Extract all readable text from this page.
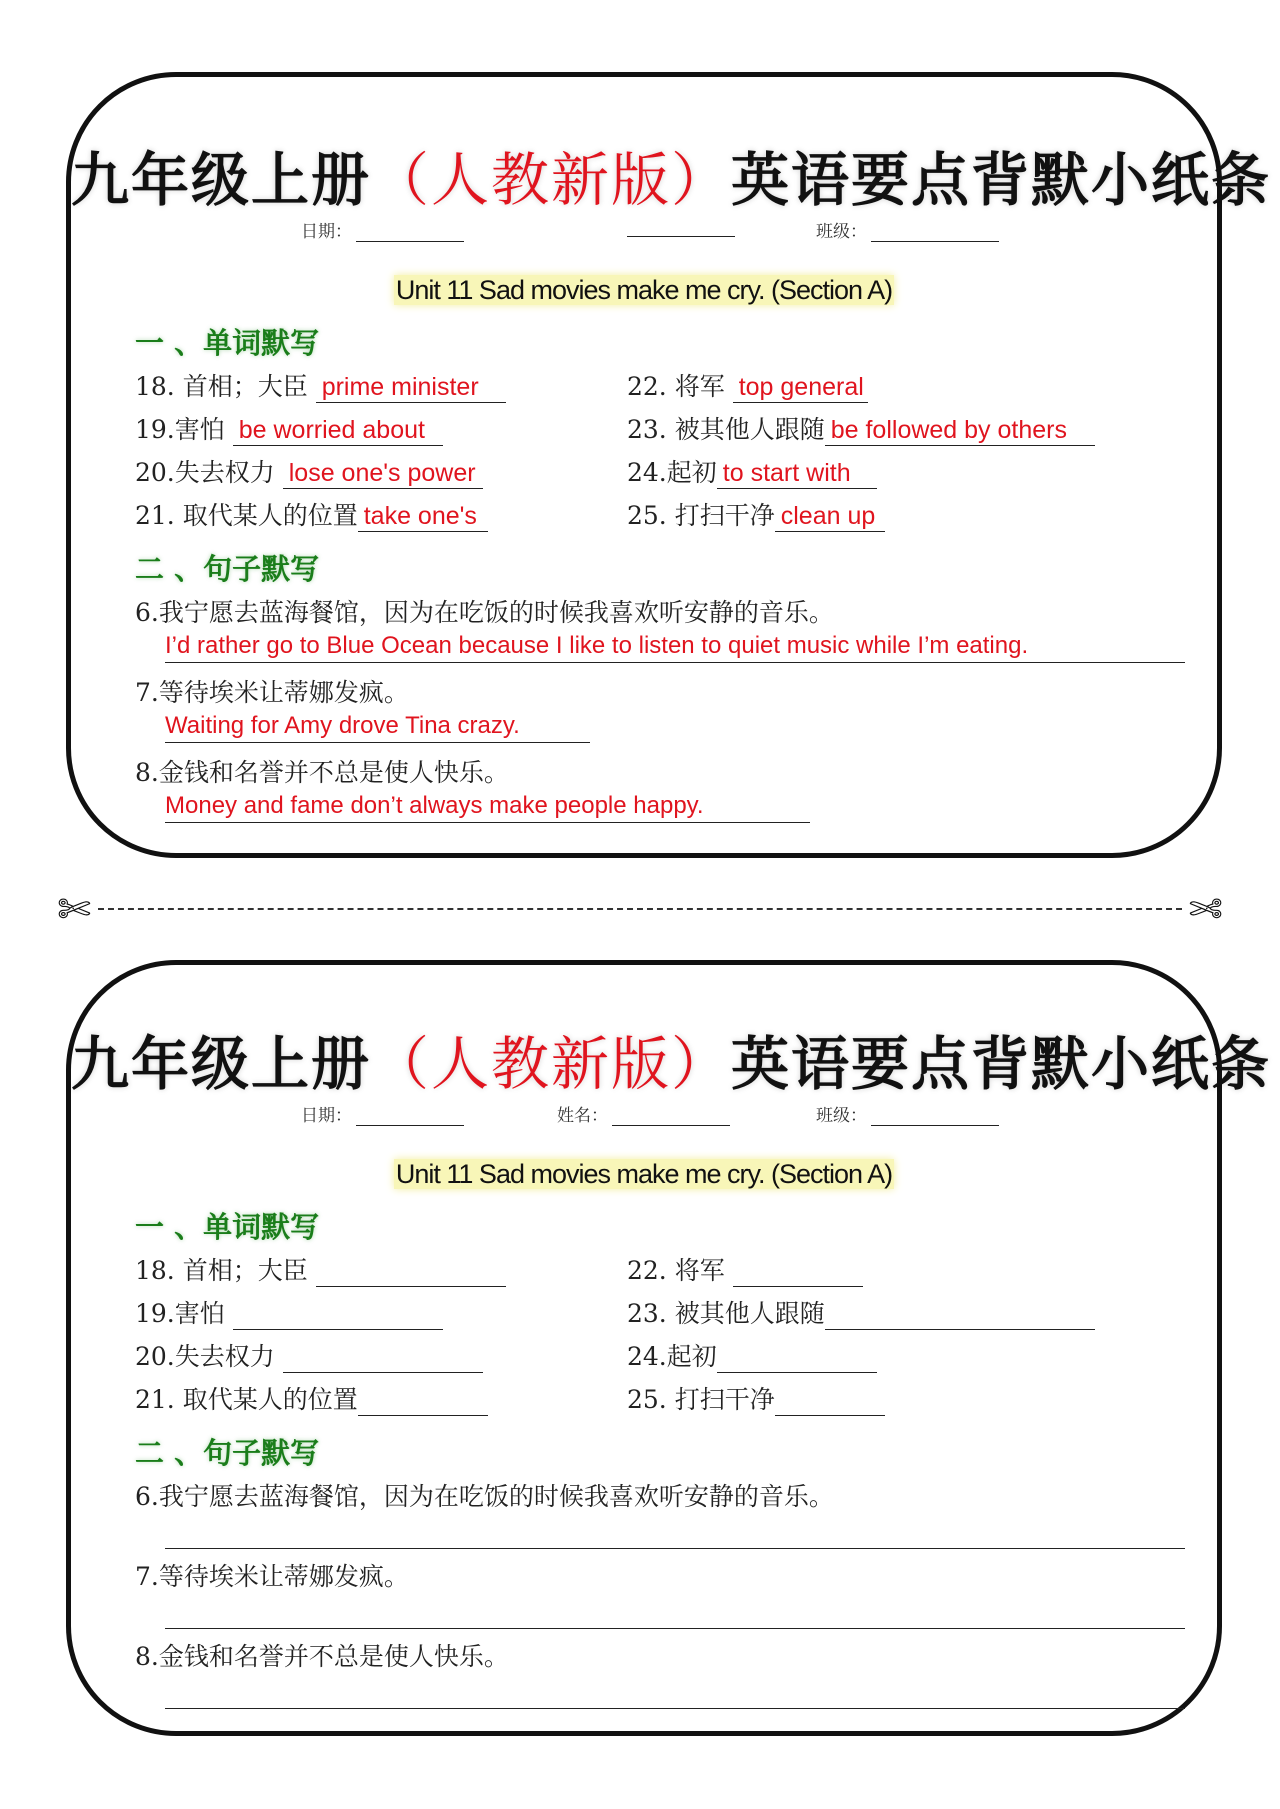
九年级上册（人教新版）英语要点背默小纸条
日期：	班级：
Unit 11 Sad movies make me cry. (Section A)
一 、单词默写
18. 首相；大臣 prime minister
19.害怕 be worried about
20.失去权力 lose one's power
21. 取代某人的位置 take one's
22. 将军 top general
23. 被其他人跟随 be followed by others
24.起初 to start with
25. 打扫干净 clean up
二 、句子默写
6.我宁愿去蓝海餐馆，因为在吃饭的时候我喜欢听安静的音乐。
I’d rather go to Blue Ocean because I like to listen to quiet music while I’m eating.
7.等待埃米让蒂娜发疯。
Waiting for Amy drove Tina crazy.
8.金钱和名誉并不总是使人快乐。
Money and fame don’t always make people happy.
✄	✄
九年级上册（人教新版）英语要点背默小纸条
日期：	姓名：	班级：
Unit 11 Sad movies make me cry. (Section A)
一 、单词默写
18. 首相；大臣
19.害怕
20.失去权力
21. 取代某人的位置
22. 将军
23. 被其他人跟随
24.起初
25. 打扫干净
二 、句子默写
6.我宁愿去蓝海餐馆，因为在吃饭的时候我喜欢听安静的音乐。
7.等待埃米让蒂娜发疯。
8.金钱和名誉并不总是使人快乐。
